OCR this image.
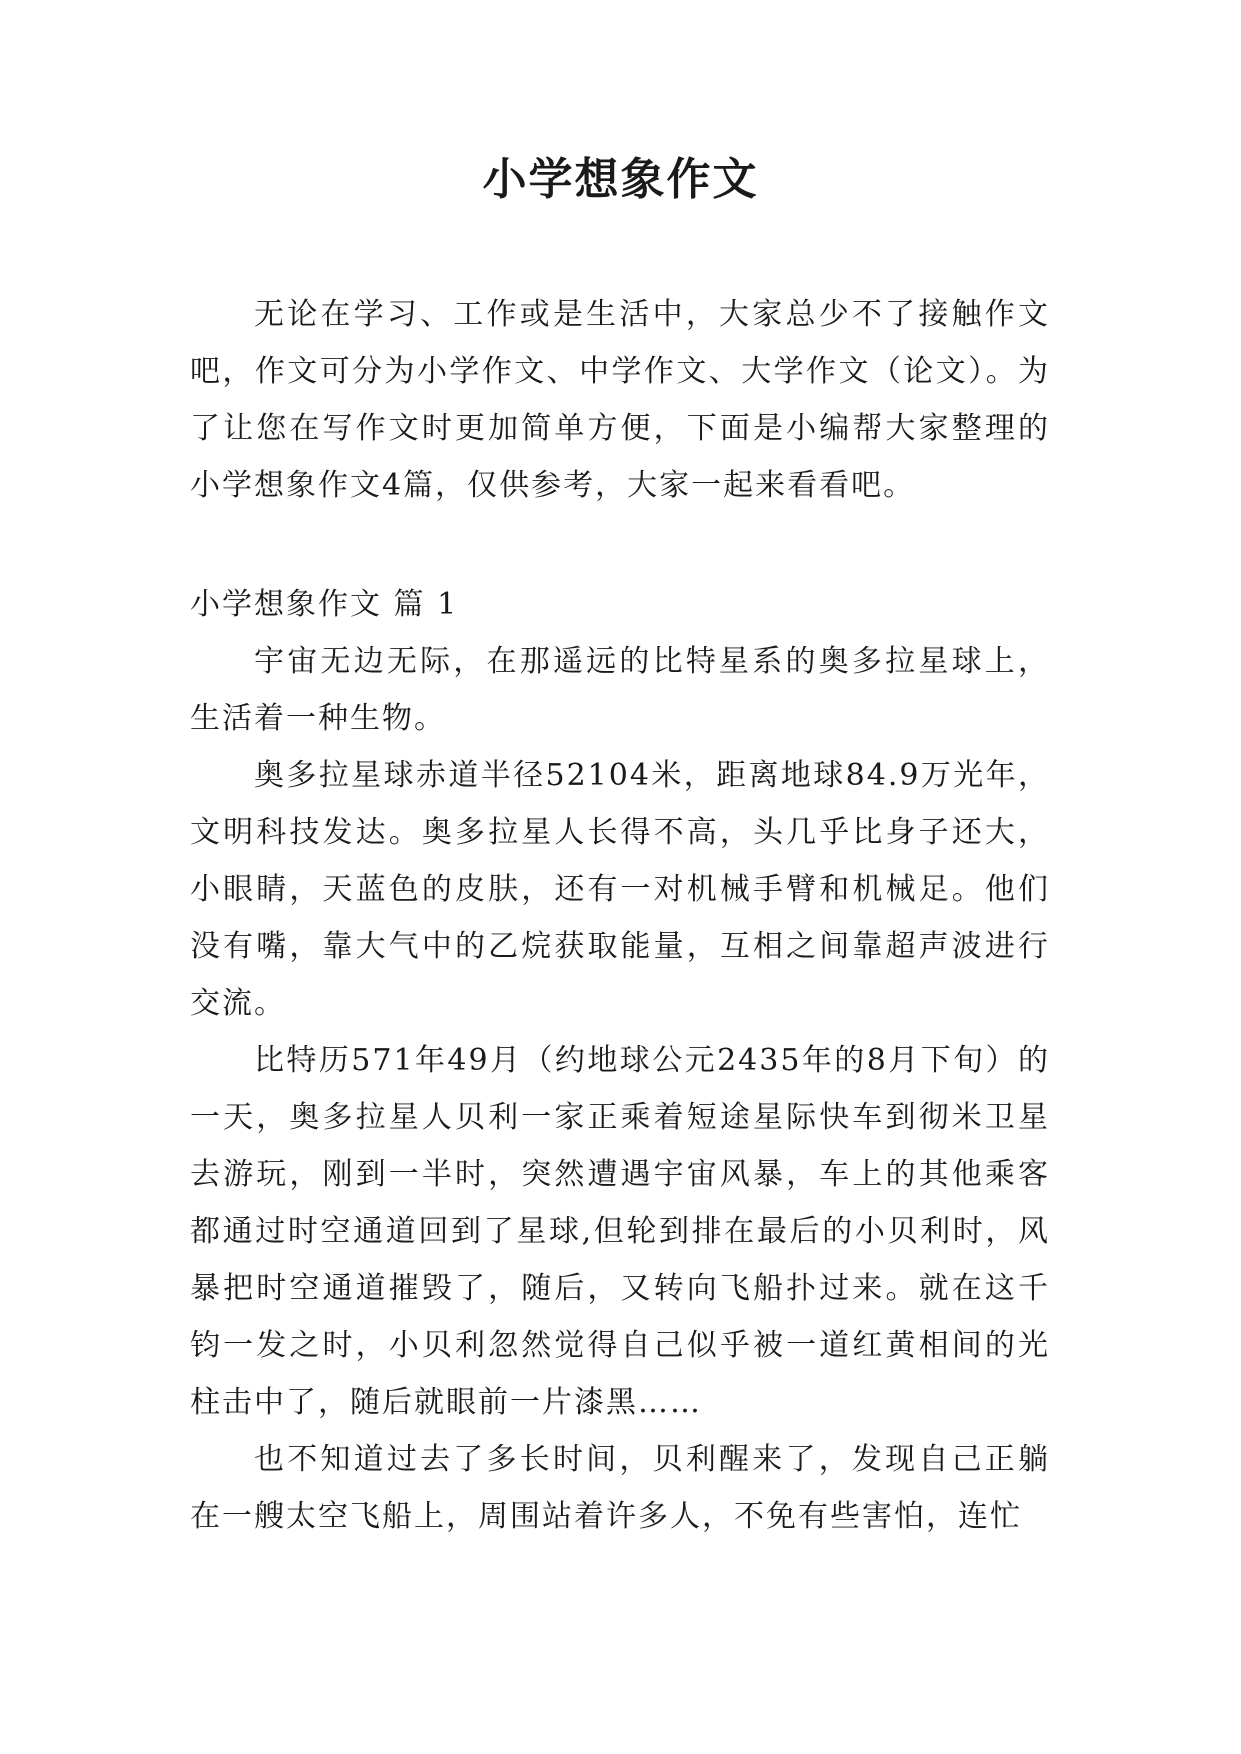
小学想象作文

无论在学习、工作或是生活中，大家总少不了接触作文吧，作文可分为小学作文、中学作文、大学作文（论文）。为了让您在写作文时更加简单方便，下面是小编帮大家整理的小学想象作文4篇，仅供参考，大家一起来看看吧。

小学想象作文 篇 1

宇宙无边无际，在那遥远的比特星系的奥多拉星球上，生活着一种生物。

奥多拉星球赤道半径52104米，距离地球84.9万光年，文明科技发达。奥多拉星人长得不高，头几乎比身子还大，小眼睛，天蓝色的皮肤，还有一对机械手臂和机械足。他们没有嘴，靠大气中的乙烷获取能量，互相之间靠超声波进行交流。

比特历571年49月（约地球公元2435年的8月下旬）的一天，奥多拉星人贝利一家正乘着短途星际快车到彻米卫星去游玩，刚到一半时，突然遭遇宇宙风暴，车上的其他乘客都通过时空通道回到了星球,但轮到排在最后的小贝利时，风暴把时空通道摧毁了，随后，又转向飞船扑过来。就在这千钧一发之时，小贝利忽然觉得自己似乎被一道红黄相间的光柱击中了，随后就眼前一片漆黑……

也不知道过去了多长时间，贝利醒来了，发现自己正躺在一艘太空飞船上，周围站着许多人，不免有些害怕，连忙
